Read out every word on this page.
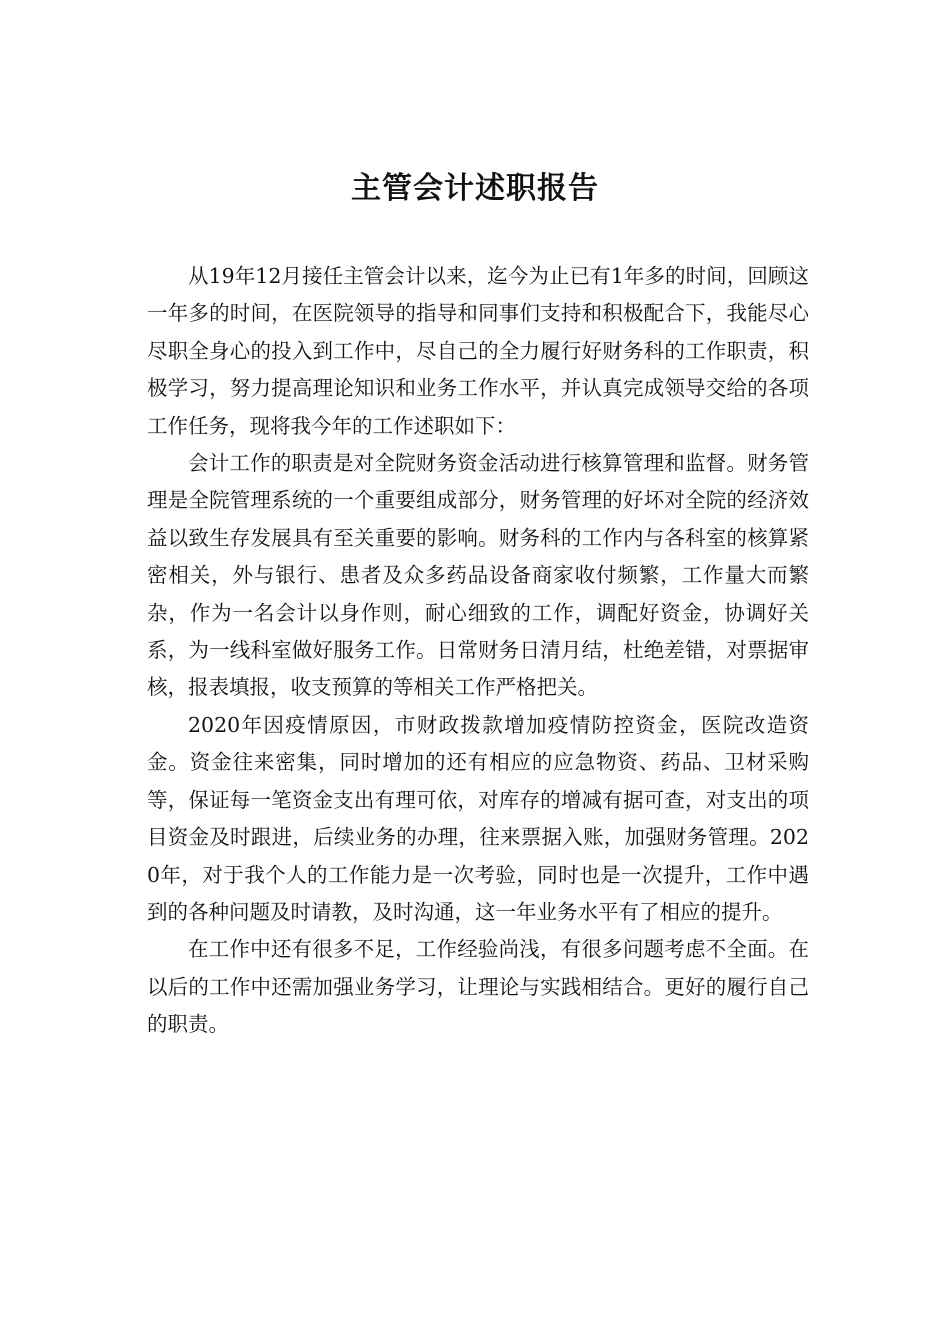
主管会计述职报告

从19年12月接任主管会计以来，迄今为止已有1年多的时间，回顾这一年多的时间，在医院领导的指导和同事们支持和积极配合下，我能尽心尽职全身心的投入到工作中，尽自己的全力履行好财务科的工作职责，积极学习，努力提高理论知识和业务工作水平，并认真完成领导交给的各项工作任务，现将我今年的工作述职如下：

会计工作的职责是对全院财务资金活动进行核算管理和监督。财务管理是全院管理系统的一个重要组成部分，财务管理的好坏对全院的经济效益以致生存发展具有至关重要的影响。财务科的工作内与各科室的核算紧密相关，外与银行、患者及众多药品设备商家收付频繁，工作量大而繁杂，作为一名会计以身作则，耐心细致的工作，调配好资金，协调好关系，为一线科室做好服务工作。日常财务日清月结，杜绝差错，对票据审核，报表填报，收支预算的等相关工作严格把关。

2020年因疫情原因，市财政拨款增加疫情防控资金，医院改造资金。资金往来密集，同时增加的还有相应的应急物资、药品、卫材采购等，保证每一笔资金支出有理可依，对库存的增减有据可查，对支出的项目资金及时跟进，后续业务的办理，往来票据入账，加强财务管理。2020年，对于我个人的工作能力是一次考验，同时也是一次提升，工作中遇到的各种问题及时请教，及时沟通，这一年业务水平有了相应的提升。

在工作中还有很多不足，工作经验尚浅，有很多问题考虑不全面。在以后的工作中还需加强业务学习，让理论与实践相结合。更好的履行自己的职责。
